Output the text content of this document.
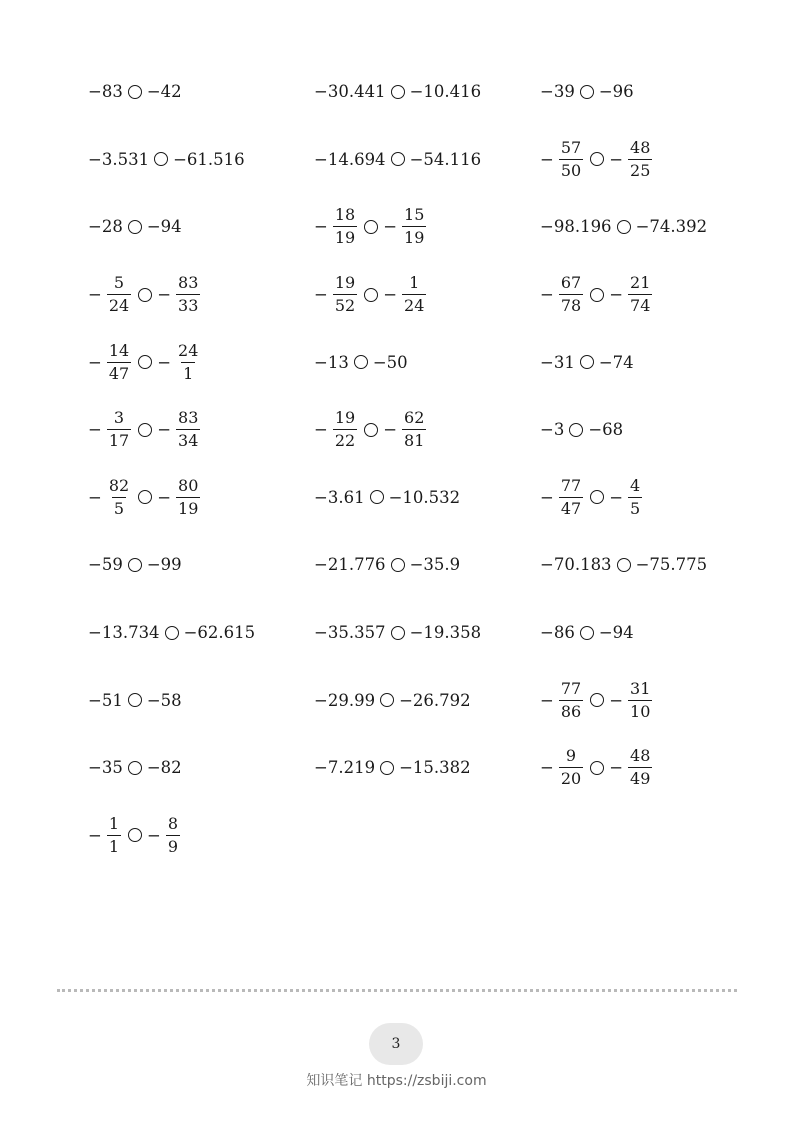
−83 −42	−30.441 −10.416	−39 −96
−3.531 −61.516	−14.694 −54.116	− $\frac{57}{50} - \frac{48}{25}$
−28 −94	− $\frac{18}{19} - \frac{15}{19}$	−98.196 −74.392
− $\frac{5}{24} - \frac{83}{33}$	− $\frac{19}{52} - \frac{1}{24}$	− $\frac{67}{78} - \frac{21}{74}$
− $\frac{14}{47} - \frac{24}{1}$	−13 −50	−31 −74
− $\frac{3}{17} - \frac{83}{34}$	− $\frac{19}{22} - \frac{62}{81}$	−3 −68
− $\frac{82}{5} - \frac{80}{19}$	−3.61 −10.532	− $\frac{77}{47} - \frac{4}{5}$
−59 −99	−21.776 −35.9	−70.183 −75.775
−13.734 −62.615	−35.357 −19.358	−86 −94
−51 −58	−29.99 −26.792	− $\frac{77}{86} - \frac{31}{10}$
−35 −82	−7.219 −15.382	− $\frac{9}{20} - \frac{48}{49}$
− $\frac{1}{1} - \frac{8}{9}$
3
知识笔记 https://zsbiji.com
